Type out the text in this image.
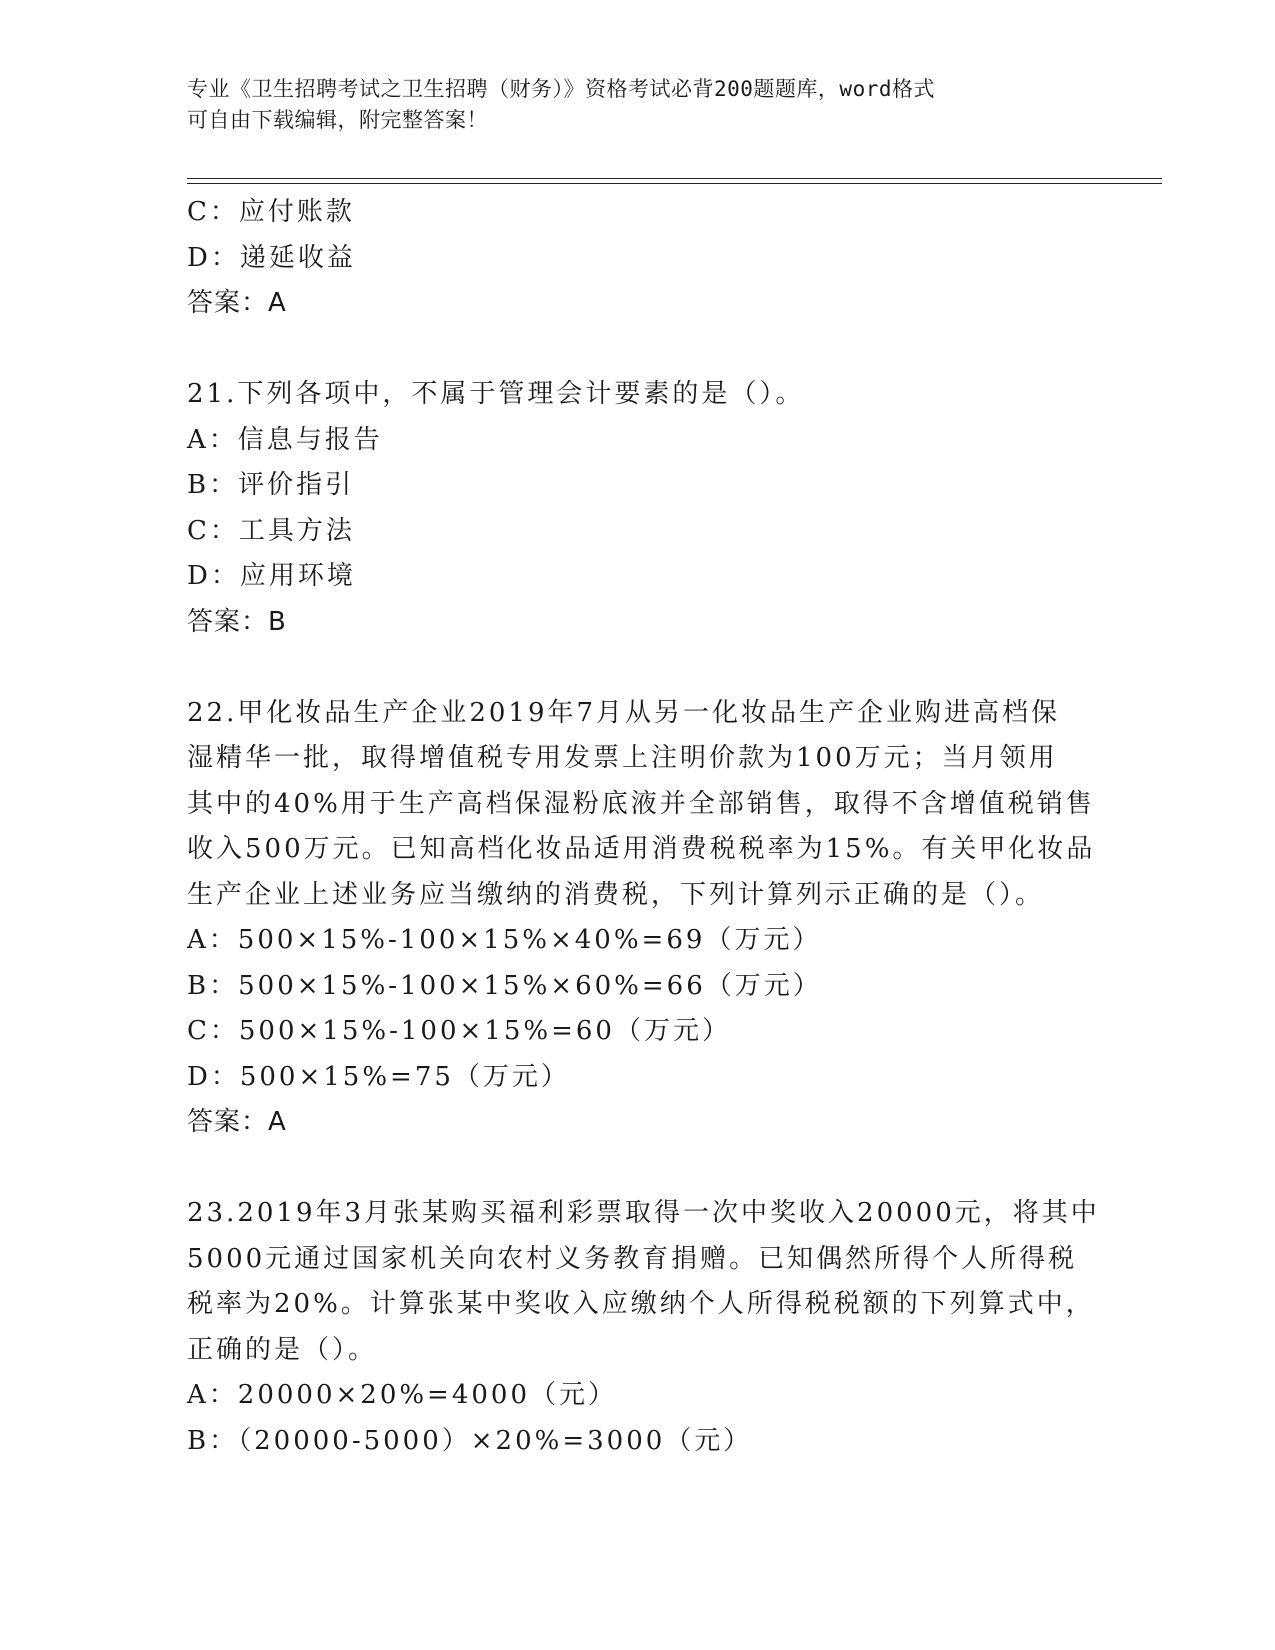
专业《卫生招聘考试之卫生招聘（财务）》资格考试必背200题题库，word格式
可自由下载编辑，附完整答案！
C：应付账款
D：递延收益
答案：A
21.下列各项中，不属于管理会计要素的是（）。
A：信息与报告
B：评价指引
C：工具方法
D：应用环境
答案：B
22.甲化妆品生产企业2019年7月从另一化妆品生产企业购进高档保
湿精华一批，取得增值税专用发票上注明价款为100万元；当月领用
其中的40%用于生产高档保湿粉底液并全部销售，取得不含增值税销售
收入500万元。已知高档化妆品适用消费税税率为15%。有关甲化妆品
生产企业上述业务应当缴纳的消费税，下列计算列示正确的是（）。
A：500×15%-100×15%×40%=69（万元）
B：500×15%-100×15%×60%=66（万元）
C：500×15%-100×15%=60（万元）
D：500×15%=75（万元）
答案：A
23.2019年3月张某购买福利彩票取得一次中奖收入20000元，将其中
5000元通过国家机关向农村义务教育捐赠。已知偶然所得个人所得税
税率为20%。计算张某中奖收入应缴纳个人所得税税额的下列算式中，
正确的是（）。
A：20000×20%=4000（元）
B：（20000-5000）×20%=3000（元）
